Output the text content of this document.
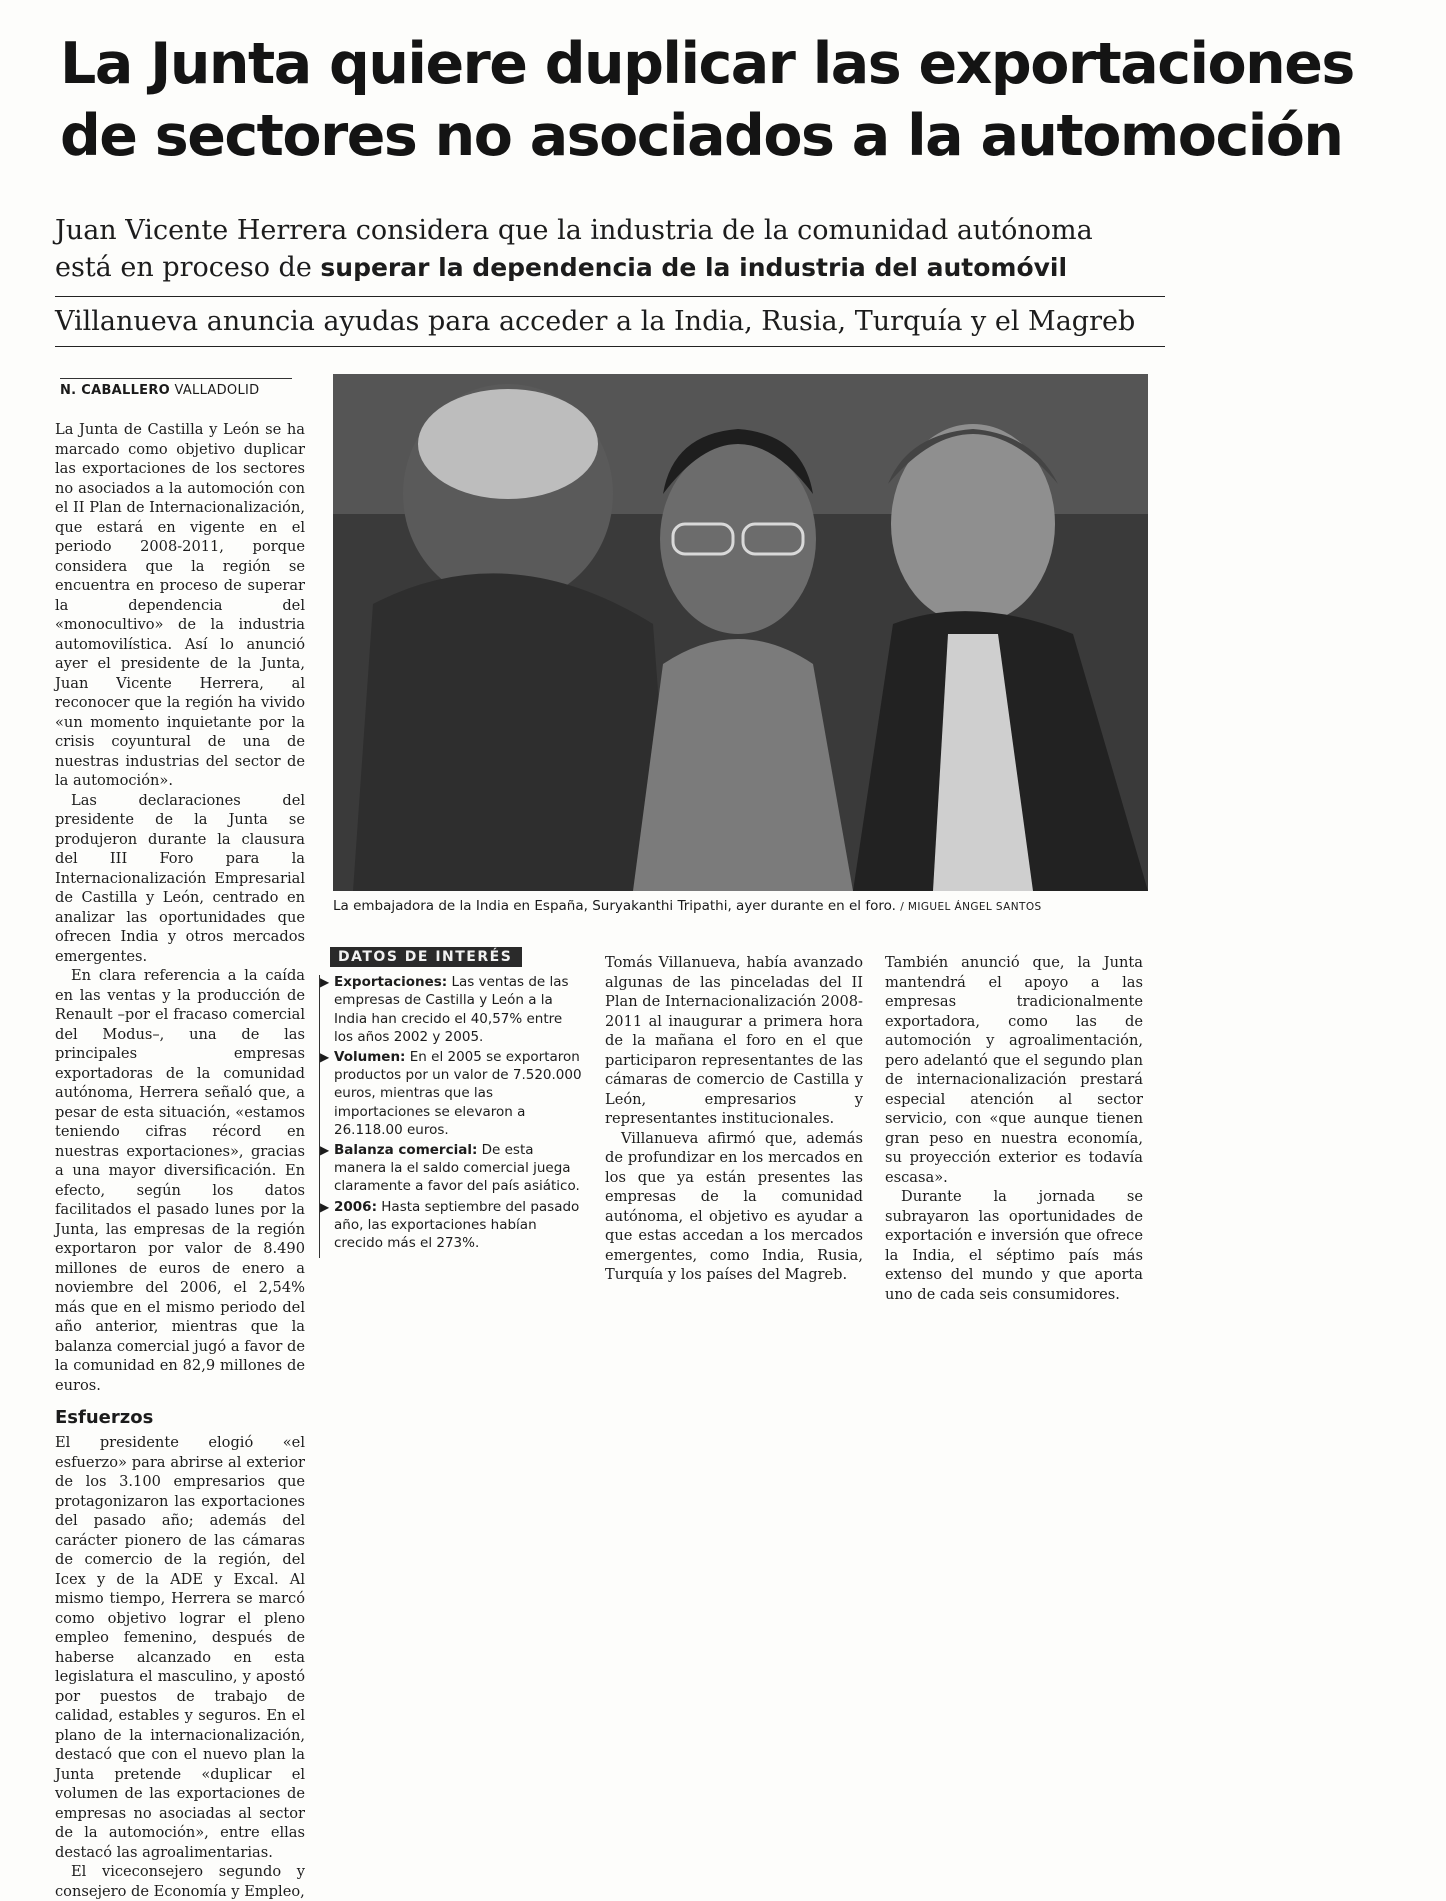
La Junta quiere duplicar las exportaciones
de sectores no asociados a la automoción
Juan Vicente Herrera considera que la industria de la comunidad autónoma
está en proceso de superar la dependencia de la industria del automóvil
Villanueva anuncia ayudas para acceder a la India, Rusia, Turquía y el Magreb
N. CABALLERO VALLADOLID
La embajadora de la India en España, Suryakanthi Tripathi, ayer durante en el foro. / MIGUEL ÁNGEL SANTOS

La Junta de Castilla y León se ha marcado como objetivo duplicar las exportaciones de los sectores no asociados a la automoción con el II Plan de Internacionalización, que estará en vigente en el periodo 2008-2011, porque considera que la región se encuentra en proceso de superar la dependencia del «monocultivo» de la industria automovilística. Así lo anunció ayer el presidente de la Junta, Juan Vicente Herrera, al reconocer que la región ha vivido «un momento inquietante por la crisis coyuntural de una de nuestras industrias del sector de la automoción».

Las declaraciones del presidente de la Junta se produjeron durante la clausura del III Foro para la Internacionalización Empresarial de Castilla y León, centrado en analizar las oportunidades que ofrecen India y otros mercados emergentes.

En clara referencia a la caída en las ventas y la producción de Renault –por el fracaso comercial del Modus–, una de las principales empresas exportadoras de la comunidad autónoma, Herrera señaló que, a pesar de esta situación, «estamos teniendo cifras récord en nuestras exportaciones», gracias a una mayor diversificación. En efecto, según los datos facilitados el pasado lunes por la Junta, las empresas de la región exportaron por valor de 8.490 millones de euros de enero a noviembre del 2006, el 2,54% más que en el mismo periodo del año anterior, mientras que la balanza comercial jugó a favor de la comunidad en 82,9 millones de euros.

Esfuerzos

El presidente elogió «el esfuerzo» para abrirse al exterior de los 3.100 empresarios que protagonizaron las exportaciones del pasado año; además del carácter pionero de las cámaras de comercio de la región, del Icex y de la ADE y Excal. Al mismo tiempo, Herrera se marcó como objetivo lograr el pleno empleo femenino, después de haberse alcanzado en esta legislatura el masculino, y apostó por puestos de trabajo de calidad, estables y seguros. En el plano de la internacionalización, destacó que con el nuevo plan la Junta pretende «duplicar el volumen de las exportaciones de empresas no asociadas al sector de la automoción», entre ellas destacó las agroalimentarias.

El viceconsejero segundo y consejero de Economía y Empleo,

DATOS DE INTERÉS
▶ Exportaciones: Las ventas de las empresas de Castilla y León a la India han crecido el 40,57% entre los años 2002 y 2005.
▶ Volumen: En el 2005 se exportaron productos por un valor de 7.520.000 euros, mientras que las importaciones se elevaron a 26.118.00 euros.
▶ Balanza comercial: De esta manera la el saldo comercial juega claramente a favor del país asiático.
▶ 2006: Hasta septiembre del pasado año, las exportaciones habían crecido más el 273%.

Tomás Villanueva, había avanzado algunas de las pinceladas del II Plan de Internacionalización 2008-2011 al inaugurar a primera hora de la mañana el foro en el que participaron representantes de las cámaras de comercio de Castilla y León, empresarios y representantes institucionales.

Villanueva afirmó que, además de profundizar en los mercados en los que ya están presentes las empresas de la comunidad autónoma, el objetivo es ayudar a que estas accedan a los mercados emergentes, como India, Rusia, Turquía y los países del Magreb.

También anunció que, la Junta mantendrá el apoyo a las empresas tradicionalmente exportadora, como las de automoción y agroalimentación, pero adelantó que el segundo plan de internacionalización prestará especial atención al sector servicio, con «que aunque tienen gran peso en nuestra economía, su proyección exterior es todavía escasa».

Durante la jornada se subrayaron las oportunidades de exportación e inversión que ofrece la India, el séptimo país más extenso del mundo y que aporta uno de cada seis consumidores.
